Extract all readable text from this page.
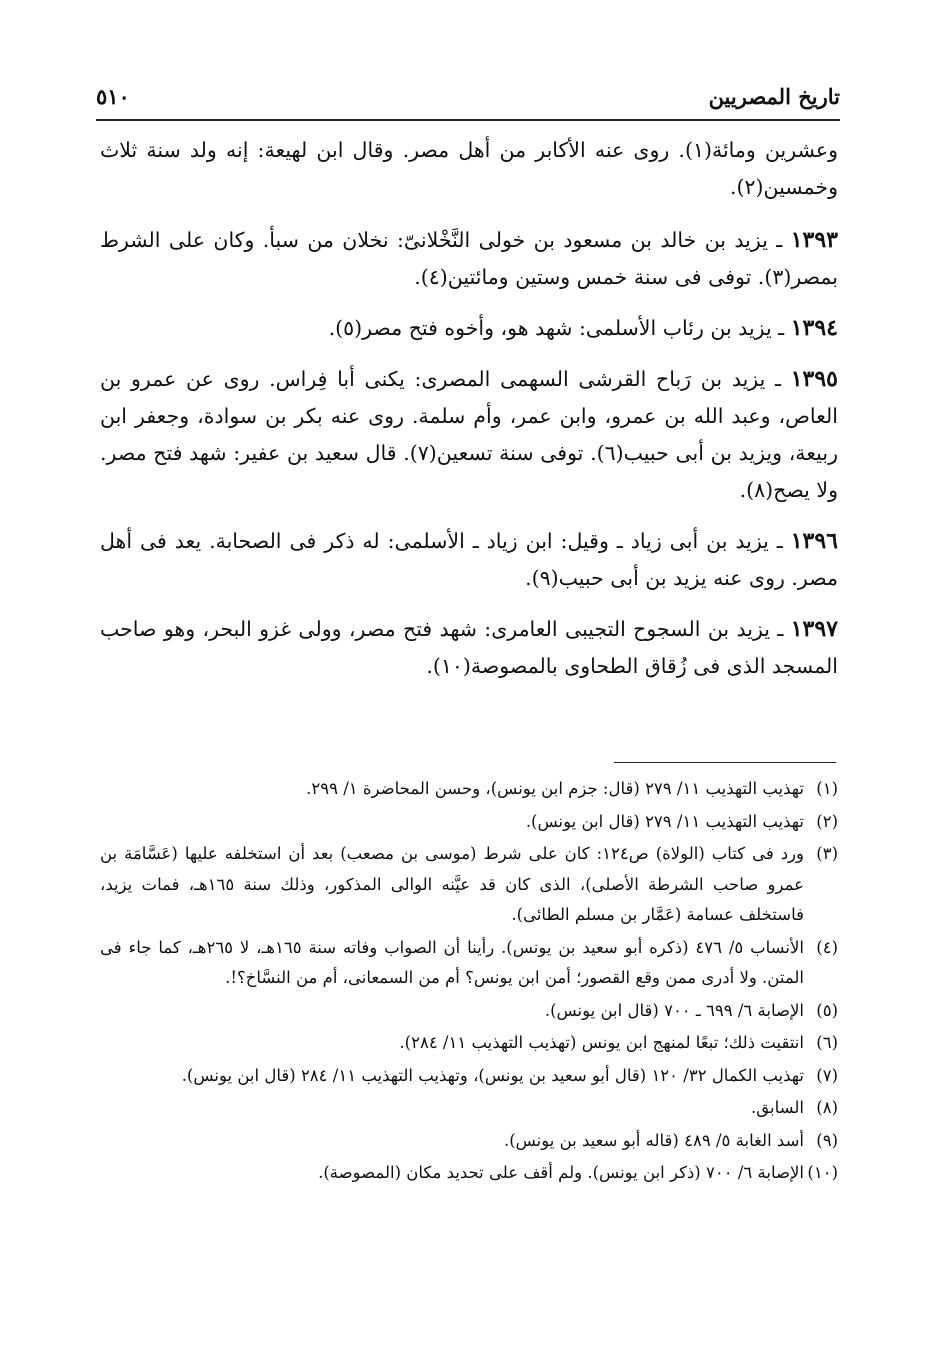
تاريخ المصريين
٥١٠

وعشرين ومائة(١). روى عنه الأكابر من أهل مصر. وقال ابن لهيعة: إنه ولد سنة ثلاث وخمسين(٢).

١٣٩٣ ـ يزيد بن خالد بن مسعود بن خولى النَّخْلانىّ: نخلان من سبأ. وكان على الشرط بمصر(٣). توفى فى سنة خمس وستين ومائتين(٤).

١٣٩٤ ـ يزيد بن رئاب الأسلمى: شهد هو، وأخوه فتح مصر(٥).

١٣٩٥ ـ يزيد بن رَباح القرشى السهمى المصرى: يكنى أبا فِراس. روى عن عمرو بن العاص، وعبد الله بن عمرو، وابن عمر، وأم سلمة. روى عنه بكر بن سوادة، وجعفر ابن ربيعة، ويزيد بن أبى حبيب(٦). توفى سنة تسعين(٧). قال سعيد بن عفير: شهد فتح مصر. ولا يصح(٨).

١٣٩٦ ـ يزيد بن أبى زياد ـ وقيل: ابن زياد ـ الأسلمى: له ذكر فى الصحابة. يعد فى أهل مصر. روى عنه يزيد بن أبى حبيب(٩).

١٣٩٧ ـ يزيد بن السجوح التجيبى العامرى: شهد فتح مصر، وولى غزو البحر، وهو صاحب المسجد الذى فى زُقاق الطحاوى بالمصوصة(١٠).

(١)
تهذيب التهذيب ١١/ ٢٧٩ (قال: جزم ابن يونس)، وحسن المحاضرة ١/ ٢٩٩.
(٢)
تهذيب التهذيب ١١/ ٢٧٩ (قال ابن يونس).
(٣)
ورد فى كتاب (الولاة) ص١٢٤: كان على شرط (موسى بن مصعب) بعد أن استخلفه عليها (عَسَّامَة بن عمرو صاحب الشرطة الأصلى)، الذى كان قد عيَّنه الوالى المذكور، وذلك سنة ١٦٥هـ، فمات يزيد، فاستخلف عسامة (عَمَّار بن مسلم الطائى).
(٤)
الأنساب ٥/ ٤٧٦ (ذكره أبو سعيد بن يونس). رأينا أن الصواب وفاته سنة ١٦٥هـ، لا ٢٦٥هـ، كما جاء فى المتن. ولا أدرى ممن وقع القصور؛ أمن ابن يونس؟ أم من السمعانى، أم من النسَّاخ؟!.
(٥)
الإصابة ٦/ ٦٩٩ ـ ٧٠٠ (قال ابن يونس).
(٦)
انتقيت ذلك؛ تبعًا لمنهج ابن يونس (تهذيب التهذيب ١١/ ٢٨٤).
(٧)
تهذيب الكمال ٣٢/ ١٢٠ (قال أبو سعيد بن يونس)، وتهذيب التهذيب ١١/ ٢٨٤ (قال ابن يونس).
(٨)
السابق.
(٩)
أسد الغابة ٥/ ٤٨٩ (قاله أبو سعيد بن يونس).
(١٠)
الإصابة ٦/ ٧٠٠ (ذكر ابن يونس). ولم أقف على تحديد مكان (المصوصة).
